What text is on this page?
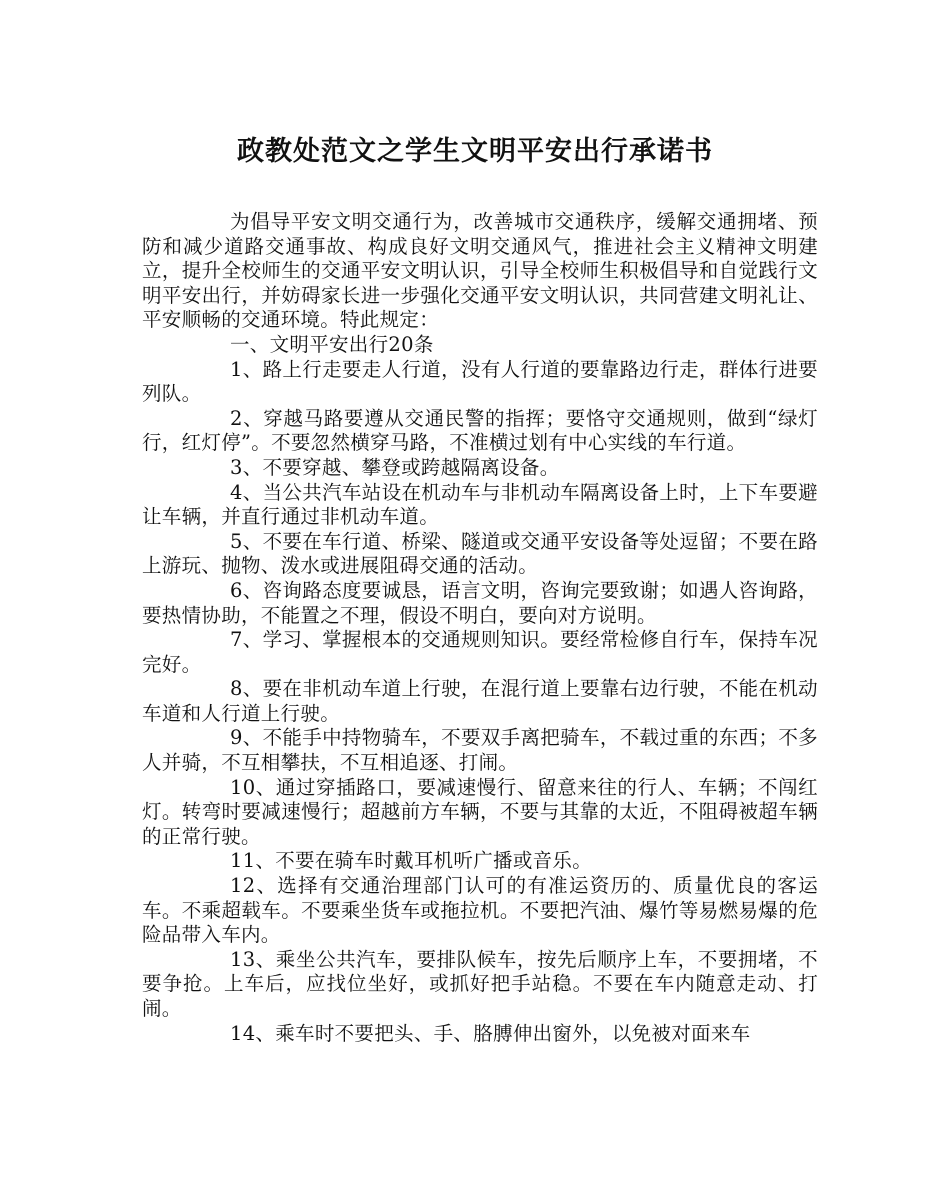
政教处范文之学生文明平安出行承诺书

为倡导平安文明交通行为，改善城市交通秩序，缓解交通拥堵、预防和减少道路交通事故、构成良好文明交通风气，推进社会主义精神文明建立，提升全校师生的交通平安文明认识，引导全校师生积极倡导和自觉践行文明平安出行，并妨碍家长进一步强化交通平安文明认识，共同营建文明礼让、平安顺畅的交通环境。特此规定：

一、文明平安出行20条

1、路上行走要走人行道，没有人行道的要靠路边行走，群体行进要列队。

2、穿越马路要遵从交通民警的指挥；要恪守交通规则，做到“绿灯行，红灯停”。不要忽然横穿马路，不准横过划有中心实线的车行道。

3、不要穿越、攀登或跨越隔离设备。

4、当公共汽车站设在机动车与非机动车隔离设备上时，上下车要避让车辆，并直行通过非机动车道。

5、不要在车行道、桥梁、隧道或交通平安设备等处逗留；不要在路上游玩、抛物、泼水或进展阻碍交通的活动。

6、咨询路态度要诚恳，语言文明，咨询完要致谢；如遇人咨询路，要热情协助，不能置之不理，假设不明白，要向对方说明。

7、学习、掌握根本的交通规则知识。要经常检修自行车，保持车况完好。

8、要在非机动车道上行驶，在混行道上要靠右边行驶，不能在机动车道和人行道上行驶。

9、不能手中持物骑车，不要双手离把骑车，不载过重的东西；不多人并骑，不互相攀扶，不互相追逐、打闹。

10、通过穿插路口，要减速慢行、留意来往的行人、车辆；不闯红灯。转弯时要减速慢行；超越前方车辆，不要与其靠的太近，不阻碍被超车辆的正常行驶。

11、不要在骑车时戴耳机听广播或音乐。

12、选择有交通治理部门认可的有准运资历的、质量优良的客运车。不乘超载车。不要乘坐货车或拖拉机。不要把汽油、爆竹等易燃易爆的危险品带入车内。

13、乘坐公共汽车，要排队候车，按先后顺序上车，不要拥堵，不要争抢。上车后，应找位坐好，或抓好把手站稳。不要在车内随意走动、打闹。

14、乘车时不要把头、手、胳膊伸出窗外，以免被对面来车
